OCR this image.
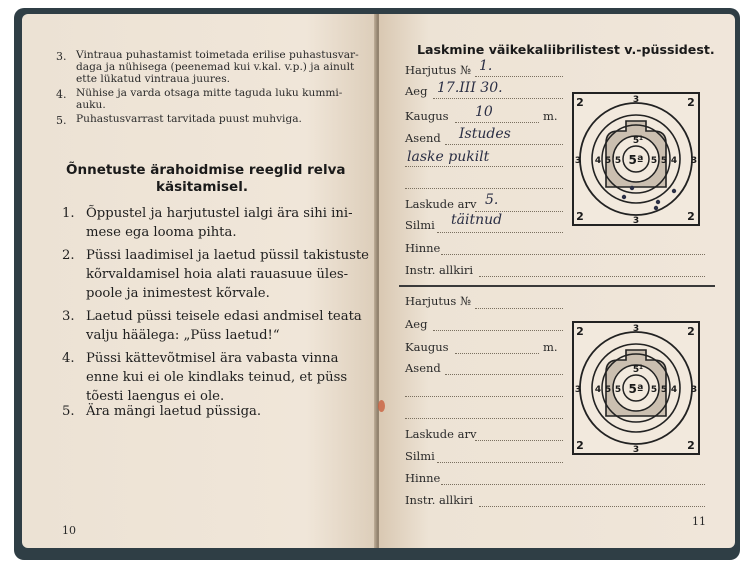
3. Vintraua puhastamist toimetada erilise puhastusvar-
daga ja nühisega (peenemad kui v.kal. v.p.) ja ainult
ette lükatud vintraua juures.
4. Nühise ja varda otsaga mitte taguda luku kummi-
auku.
5. Puhastusvarrast tarvitada puust muhviga.
Õnnetuste ärahoidmise reeglid relva
käsitamisel.
1. Õppustel ja harjutustel ialgi ära sihi ini-
mese ega looma pihta.
2. Püssi laadimisel ja laetud püssil takistuste
kõrvaldamisel hoia alati rauasuue üles-
poole ja inimestest kõrvale.
3. Laetud püssi teisele edasi andmisel teata
valju häälega: „Püss laetud!“
4. Püssi kättevõtmisel ära vabasta vinna
enne kui ei ole kindlaks teinud, et püss
tõesti laengus ei ole.
5. Ära mängi laetud püssiga.
10
Laskmine väikekaliibrilistest v.-püssidest.
Harjutus № 1.
Aeg 17.III 30.
Kaugus 10	m.
Asend Istudes
laske pukilt
Laskude arv 5.
Silmi täitnud
Hinne
Instr. allkiri
2	2
2	2
3
3
3	3
4	4
5	5
5	5
5 1
5ª
Harjutus №
Aeg
Kaugus	m.
Asend
Laskude arv
Silmi
Hinne
Instr. allkiri
2	2
2	2
3
3
3	3
4	4
5	5
5	5
5 1
5ª
11
